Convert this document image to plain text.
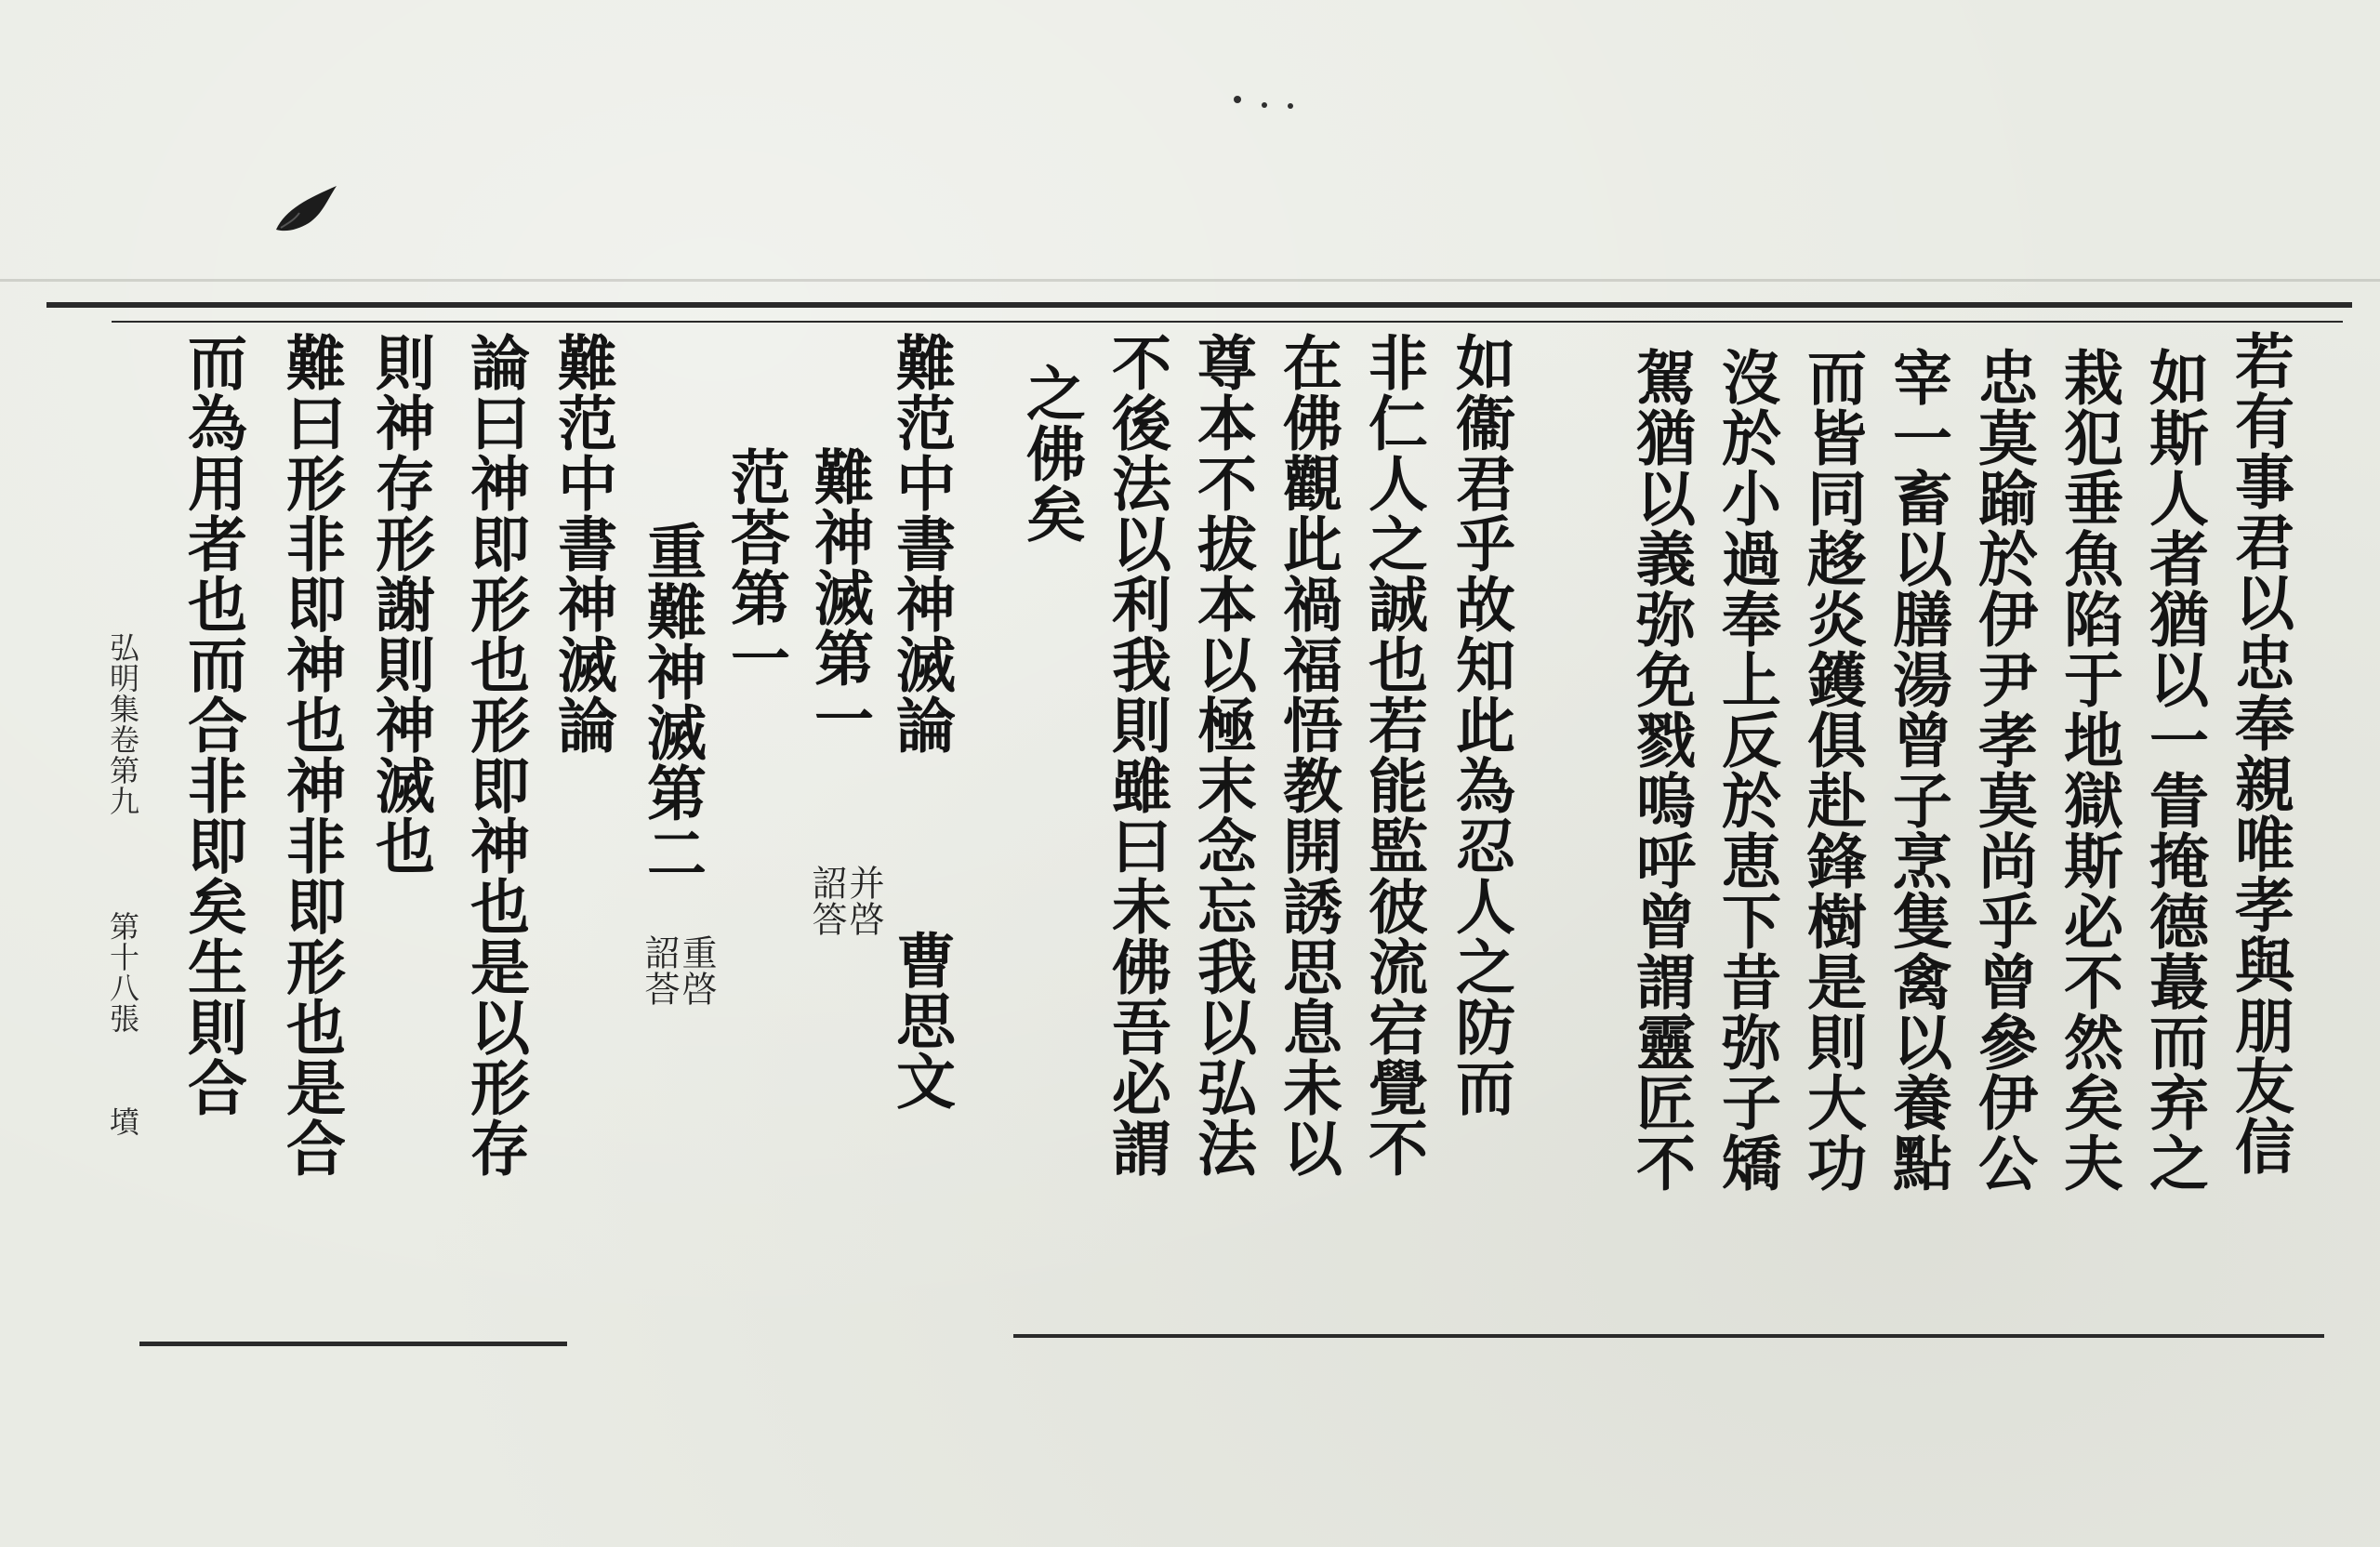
若有事君以忠奉親唯孝與朋友信
如斯人者猶以一眚掩德蕞而弃之
栽犯垂魚陷于地獄斯必不然矣夫
忠莫踰於伊尹孝莫尚乎曾參伊公
宰一畜以膳湯曾子烹隻禽以養點
而皆同趍炎鑊俱赴鋒樹是則大功
沒於小過奉上反於恵下昔弥子矯
駕猶以義弥免戮嗚呼曾謂靈匠不
如衞君乎故知此為忍人之防而
非仁人之誠也若能監彼流宕覺不
在佛觀此禍福悟教開誘思息未以
尊本不拔本以極末念忘我以弘法
不後法以利我則雖曰未佛吾必謂
之佛矣
難范中書神滅論
曹思文
難神滅第一
并啓
詔答
范荅第一
重難神滅第二
重啓
詔荅
難范中書神滅論
論曰神即形也形即神也是以形存
則神存形謝則神滅也
難曰形非即神也神非即形也是合
而為用者也而合非即矣生則合
弘明集卷第九
第十八張
墳
